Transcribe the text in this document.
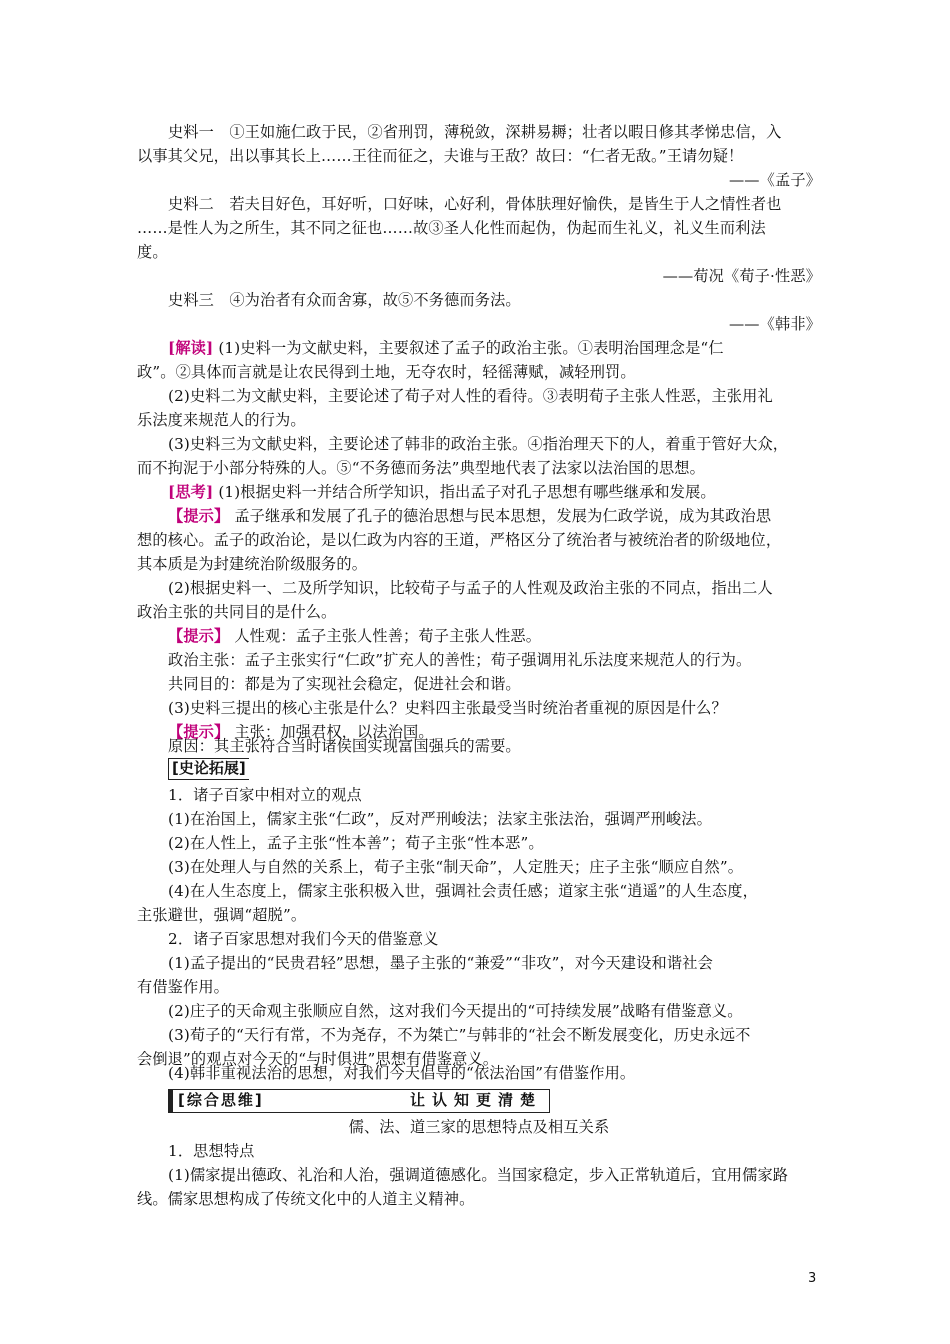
史料一　①王如施仁政于民，②省刑罚，薄税敛，深耕易耨；壮者以暇日修其孝悌忠信，入
以事其父兄，出以事其长上……王往而征之，夫谁与王敌？故曰：“仁者无敌。”王请勿疑！
——《孟子》
史料二　若夫目好色，耳好听，口好味，心好利，骨体肤理好愉佚，是皆生于人之情性者也
……是性人为之所生，其不同之征也……故③圣人化性而起伪，伪起而生礼义，礼义生而利法
度。
——荀况《荀子·性恶》
史料三　④为治者有众而舍寡，故⑤不务德而务法。
——《韩非》
[解读] (1)史料一为文献史料，主要叙述了孟子的政治主张。①表明治国理念是“仁
政”。②具体而言就是让农民得到土地，无夺农时，轻徭薄赋，减轻刑罚。
(2)史料二为文献史料，主要论述了荀子对人性的看待。③表明荀子主张人性恶，主张用礼
乐法度来规范人的行为。
(3)史料三为文献史料，主要论述了韩非的政治主张。④指治理天下的人，着重于管好大众，
而不拘泥于小部分特殊的人。⑤“不务德而务法”典型地代表了法家以法治国的思想。
[思考] (1)根据史料一并结合所学知识，指出孟子对孔子思想有哪些继承和发展。
【提示】 孟子继承和发展了孔子的德治思想与民本思想，发展为仁政学说，成为其政治思
想的核心。孟子的政治论，是以仁政为内容的王道，严格区分了统治者与被统治者的阶级地位，
其本质是为封建统治阶级服务的。
(2)根据史料一、二及所学知识，比较荀子与孟子的人性观及政治主张的不同点，指出二人
政治主张的共同目的是什么。
【提示】 人性观：孟子主张人性善；荀子主张人性恶。
政治主张：孟子主张实行“仁政”扩充人的善性；荀子强调用礼乐法度来规范人的行为。
共同目的：都是为了实现社会稳定，促进社会和谐。
(3)史料三提出的核心主张是什么？史料四主张最受当时统治者重视的原因是什么？
【提示】 主张：加强君权，以法治国。
原因：其主张符合当时诸侯国实现富国强兵的需要。
[史论拓展]
1．诸子百家中相对立的观点
(1)在治国上，儒家主张“仁政”，反对严刑峻法；法家主张法治，强调严刑峻法。
(2)在人性上，孟子主张“性本善”；荀子主张“性本恶”。
(3)在处理人与自然的关系上，荀子主张“制天命”，人定胜天；庄子主张“顺应自然”。
(4)在人生态度上，儒家主张积极入世，强调社会责任感；道家主张“逍遥”的人生态度，
主张避世，强调“超脱”。
2．诸子百家思想对我们今天的借鉴意义
(1)孟子提出的“民贵君轻”思想，墨子主张的“兼爱”“非攻”，对今天建设和谐社会
有借鉴作用。
(2)庄子的天命观主张顺应自然，这对我们今天提出的“可持续发展”战略有借鉴意义。
(3)荀子的“天行有常，不为尧存，不为桀亡”与韩非的“社会不断发展变化，历史永远不
会倒退”的观点对今天的“与时俱进”思想有借鉴意义。
(4)韩非重视法治的思想，对我们今天倡导的“依法治国”有借鉴作用。
[综合思维]	让认知更清楚
儒、法、道三家的思想特点及相互关系
1．思想特点
(1)儒家提出德政、礼治和人治，强调道德感化。当国家稳定，步入正常轨道后，宜用儒家路
线。儒家思想构成了传统文化中的人道主义精神。
3
